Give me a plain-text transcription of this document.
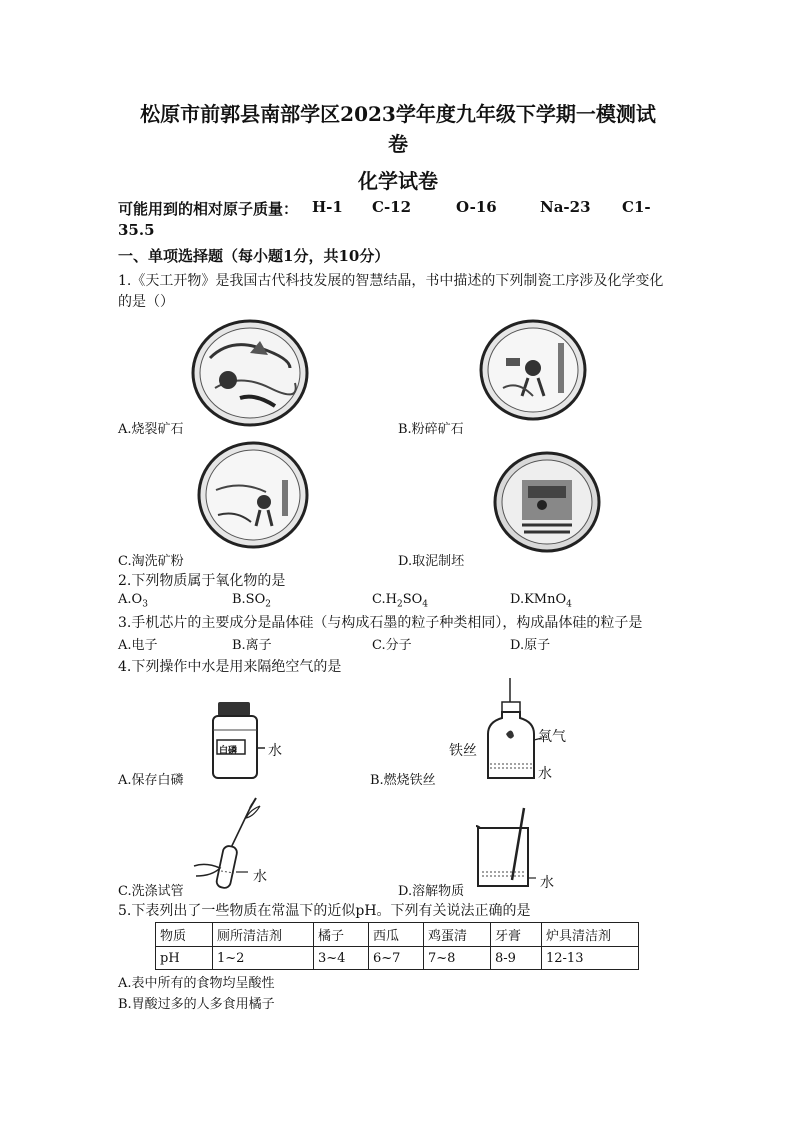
松原市前郭县南部学区2023学年度九年级下学期一模测试
卷
化学试卷
可能用到的相对原子质量： H-1 C-12	O-16	Na-23 C1-
35.5
一、单项选择题（每小题1分，共10分）
1.《天工开物》是我国古代科技发展的智慧结晶，书中描述的下列制瓷工序涉及化学变化
的是（）
A.烧裂矿石	B.粉碎矿石
C.淘洗矿粉	D.取泥制坯
2.下列物质属于氧化物的是
$A.O_3$	$B.SO_2$	$C.H_2SO_4$	D.KMnO$_4$
3.手机芯片的主要成分是晶体硅（与构成石墨的粒子种类相同），构成晶体硅的粒子是
A.电子	B.离子	C.分子	D.原子
4.下列操作中水是用来隔绝空气的是
白磷 水
氧气
铁丝
水
A.保存白磷	B.燃烧铁丝
水	水
C.洗涤试管	D.溶解物质
5.下表列出了一些物质在常温下的近似pH。下列有关说法正确的是
物质	厕所清洁剂	橘子	西瓜	鸡蛋清	牙膏	炉具清洁剂
pH	1~2	3~4	6~7	7~8	8-9	12-13
A.表中所有的食物均呈酸性
B.胃酸过多的人多食用橘子
